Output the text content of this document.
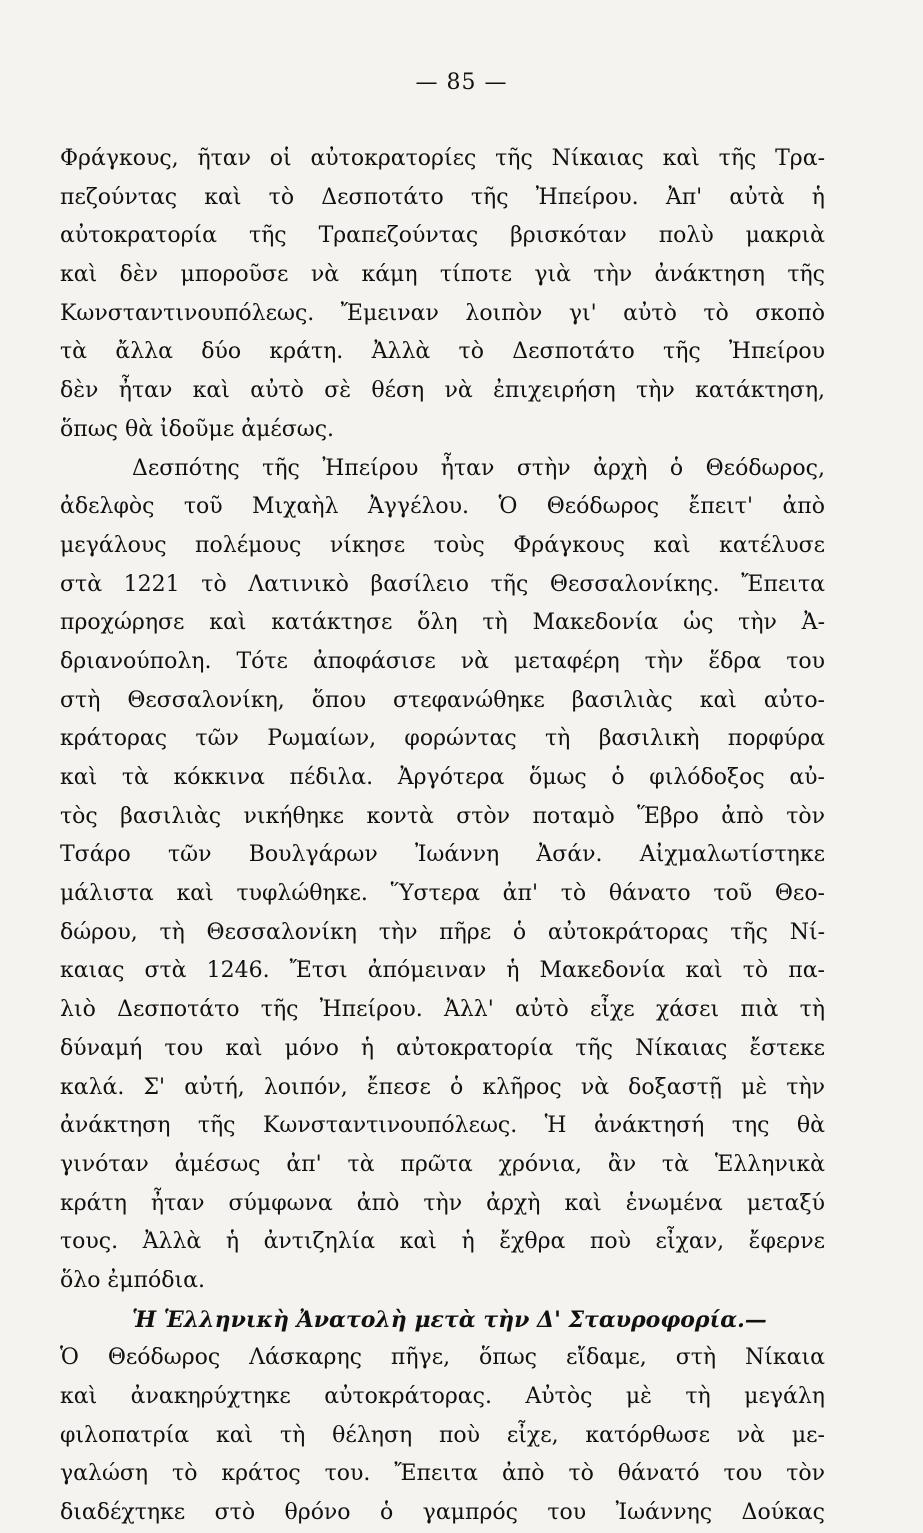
— 85 —
Φράγκους, ῆταν οἱ αὐτοκρατορίες τῆς Νίκαιας καὶ τῆς Τρα-
πεζούντας καὶ τὸ Δεσποτάτο τῆς Ἠπείρου. Ἀπ' αὐτὰ ἡ
αὐτοκρατορία τῆς Τραπεζούντας βρισκόταν πολὺ μακριὰ
καὶ δὲν μποροῦσε νὰ κάμη τίποτε γιὰ τὴν ἀνάκτηση τῆς
Κωνσταντινουπόλεως. Ἔμειναν λοιπὸν γι' αὐτὸ τὸ σκοπὸ
τὰ ἄλλα δύο κράτη. Ἀλλὰ τὸ Δεσποτάτο τῆς Ἠπείρου
δὲν ἦταν καὶ αὐτὸ σὲ θέση νὰ ἐπιχειρήση τὴν κατάκτηση,
ὅπως θὰ ἰδοῦμε ἀμέσως.
Δεσπότης τῆς Ἠπείρου ἦταν στὴν ἀρχὴ ὁ Θεόδωρος,
ἀδελφὸς τοῦ Μιχαὴλ Ἀγγέλου. Ὁ Θεόδωρος ἔπειτ' ἀπὸ
μεγάλους πολέμους νίκησε τοὺς Φράγκους καὶ κατέλυσε
στὰ 1221 τὸ Λατινικὸ βασίλειο τῆς Θεσσαλονίκης. Ἔπειτα
προχώρησε καὶ κατάκτησε ὅλη τὴ Μακεδονία ὡς τὴν Ἀ-
δριανούπολη. Τότε ἀποφάσισε νὰ μεταφέρη τὴν ἕδρα του
στὴ Θεσσαλονίκη, ὅπου στεφανώθηκε βασιλιὰς καὶ αὐτο-
κράτορας τῶν Ρωμαίων, φορώντας τὴ βασιλικὴ πορφύρα
καὶ τὰ κόκκινα πέδιλα. Ἀργότερα ὅμως ὁ φιλόδοξος αὐ-
τὸς βασιλιὰς νικήθηκε κοντὰ στὸν ποταμὸ Ἕβρο ἀπὸ τὸν
Τσάρο τῶν Βουλγάρων Ἰωάννη Ἀσάν. Αἰχμαλωτίστηκε
μάλιστα καὶ τυφλώθηκε. Ὕστερα ἀπ' τὸ θάνατο τοῦ Θεο-
δώρου, τὴ Θεσσαλονίκη τὴν πῆρε ὁ αὐτοκράτορας τῆς Νί-
καιας στὰ 1246. Ἔτσι ἀπόμειναν ἡ Μακεδονία καὶ τὸ πα-
λιὸ Δεσποτάτο τῆς Ἠπείρου. Ἀλλ' αὐτὸ εἶχε χάσει πιὰ τὴ
δύναμή του καὶ μόνο ἡ αὐτοκρατορία τῆς Νίκαιας ἔστεκε
καλά. Σ' αὐτή, λοιπόν, ἔπεσε ὁ κλῆρος νὰ δοξαστῇ μὲ τὴν
ἀνάκτηση τῆς Κωνσταντινουπόλεως. Ἡ ἀνάκτησή της θὰ
γινόταν ἀμέσως ἀπ' τὰ πρῶτα χρόνια, ἂν τὰ Ἑλληνικὰ
κράτη ἦταν σύμφωνα ἀπὸ τὴν ἀρχὴ καὶ ἑνωμένα μεταξύ
τους. Ἀλλὰ ἡ ἀντιζηλία καὶ ἡ ἔχθρα ποὺ εἶχαν, ἔφερνε
ὅλο ἐμπόδια.
Ἡ Ἑλληνικὴ Ἀνατολὴ μετὰ τὴν Δ' Σταυροφορία.—
Ὁ Θεόδωρος Λάσκαρης πῆγε, ὅπως εἴδαμε, στὴ Νίκαια
καὶ ἀνακηρύχτηκε αὐτοκράτορας. Αὐτὸς μὲ τὴ μεγάλη
φιλοπατρία καὶ τὴ θέληση ποὺ εἶχε, κατόρθωσε νὰ με-
γαλώση τὸ κράτος του. Ἔπειτα ἀπὸ τὸ θάνατό του τὸν
διαδέχτηκε στὸ θρόνο ὁ γαμπρός του Ἰωάννης Δούκας
